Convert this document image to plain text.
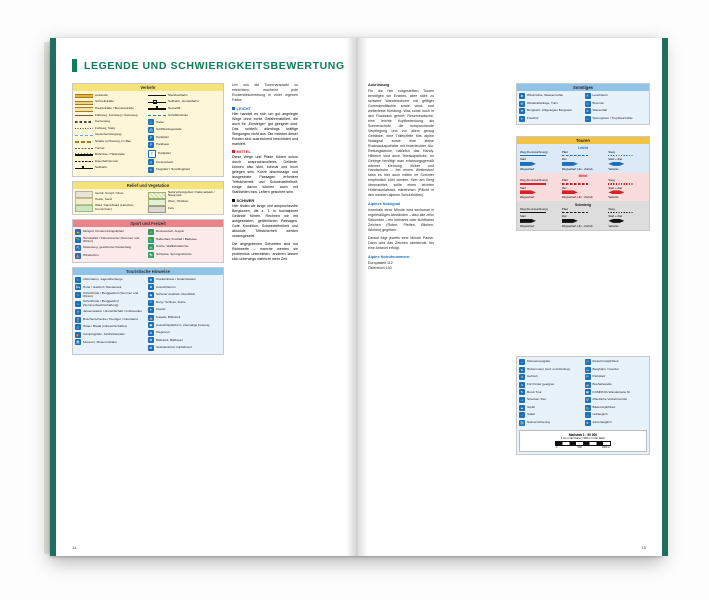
LEGENDE UND SCHWIERIGKEITSBEWERTUNG
Verkehr
Autobahn
Schnellstraße
Hauptstraße / Bundesstraße
Fahrweg, Forstweg / Güterweg
Karrenweg
Fußweg, Steig
Gletscherübergang
Straße in Planung, im Bau
Tunnel
Bahnlinie / Haltestelle
Eisenbahntunnel
Seilbahn
Standseilbahn
Seilbahn, Gondelbahn
Sessellift
Schilfahrtslinie
⚓ Hafen
⛴ Schiffsanlegestelle
P	Parkplatz
P	Parkhaus
P	Parkplatz
◎	Kreisverkehr
✈	Flugplatz / Sportflugplatz
Relief und Vegetation
Geröll, Sumpf / Moor
Heide, Sand
Wald, Kampfwald (Latschen, Krummholz)
Naturschutzgebiet / Nationalpark / Naturpark
Wein, Obstbau
Fels
Sport und Freizeit
⛳ Minigolf, Kindermininigolfplatz
🎾
Tennisplatz / Fitnesscenter (Sommer und Winter)
⛏ Kletterweg, gesicherter Klettersteig
⛵ Windsurfen
🚣 Bootsverleih, Angeln
🏊 Hallenbad, Freibad / Badesee
⛪ Kirche, Wallfahrtskirche
⛷ Schipiste, Sprungschanze
Touristische Hinweise
i	Information, Jugendherberge
🛏 Hotel / Gasthof / Restaurant
⌂
Schutzhütte / Berggasthof (Sommer und Winter)
⌂
Schutzhütte / Berggasthof (Sommerbewirtschaftung)
🍴 Jausenstation / Almwirtschaft / Imbissstube
🍷 Buschenschenke / Heuriger, Unterstand
△	Hütte / Biwak (unbewirtschaftet)
⛺ Campingplatz, Schihüttenplatz
🏛 Museum, Museumsbahn
✚	Krankenhaus / Notarztstation
♜	Aussichtsturm
◉	Schöner Ausblick, Rundblick
⛫	Burg / Schloss, Ruine
✝	Kloster
⛪ Kapelle, Bildstock
▣	Aussichtsplattform, ehemalige Festung
✜	Wegkreuz
❂	Bildstock, Bildbaum
✠	Grabdenkmal, Gipfelkreuz
Um uns die Tourenauswahl zu erleichtern, erscheint jede Routenbeschreibung in einer eigenen Farbe:
LEICHT
Hier handelt es sich um gut angelegte Wege ohne echte Gefahrenstellen, die auch für „Einsteiger“ gut geeignet sind. Das schließt allerdings kräftige Steigungen nicht aus. Die meisten dieser Routen sind ausreichend beschildert und markiert.
MITTEL
Diese Wege und Pfade führen schon durch anspruchsvolleres Gelände, können also steil, schmal und hoch gelegen sein. Kurze abschüssige und ausgesetzte Passagen erfordern Trittsicherheit und Schwindelfreiheit; einige davon können auch mit Stahlseilen bzw. Leitern gesichert sein.
SCHWER
Hier finden wir lange und anspruchsvolle Bergtouren, die z. T. in hochalpines Gelände führen. Rechnen wir mit ausgesetzten, gefährlichen Passagen. Gute Kondition, Schwindelfreiheit und absolute Trittsicherheit werden vorausgesetzt.
Die angegebenen Gehzeiten sind nur Richtwerte – manche werden sie problemlos unterbieten, anderen lassen sich unterwegs vielleicht mehr Zeit.
14
Ausrüstung
Für die hier vorgestellten Touren benötigen wir Erstens, aber nicht zu schwere Wanderschuhe mit griffiger Gummiprofilsohle sowie wind- und wetterfeste Kleidung. Was sonst noch in den Rucksack gehört: Reservewäsche, eine leichte Kopfbedeckung als Sonnenschutz, die entsprechende Verpflegung und vor allem genug Getränke, eine Trillerpfeife fürs alpine Notsignal sowie eine kleine Rucksackapotheke mit federleichter Alu-Rettungsdecke, natürlich das Handy. Hilfreich sind auch Teleskopstöcke. Im Gebirge benötigt man erfahrungsgemäß wärmer Kleidung, Mütze und Handschuhe – bei einem Wettersturz kann es hier auch mitten im Sommer empfindlich kühl werden. Wer am Berg übernachtet, sollte einen leichten Hüttenschlafsack mitnehmen (Pflicht in den meisten alpinen Schutzhütten).
Alpines Notsignal
Innerhalb einer Minute wird sechsmal in regelmäßigen Abständen – also alle zehn Sekunden – ein hörbares oder sichtbares Zeichen (Rufen, Pfeifen, Blinken, Winken) gegeben.
Darauf folgt jeweils eine Minute Pause. Dann wird das Zeichen wiederholt, bis eine Antwort erfolgt.
Alpine Notrufnummern:
Europaweit 112
Österreich 140
Sonstiges
✺	Windmühle, Wassermühle
Ψ	Windkraftanlage, Turm
⚒	Bergwerk, stillgelegtes Bergwerk
✝	Friedhof
≛	Leuchtturm
⌼	Brunnen
≋	Wasserfall
⌂	Sprengstein / Tropfsteinhöhle
Touren
Leicht
Weg (Kennzeichnung)	Pfad	Steig

Start	Ziel	Start + Ziel

Wegverlauf	Wegverlauf, Hin - Zurück	Variante
Mittel
Weg (Kennzeichnung)	Pfad	Steig

Start	Ziel	Start + Ziel

Wegverlauf	Wegverlauf, Hin - Zurück	Variante
Schwierig
Weg (Kennzeichnung)	Pfad	Steig

Start	Ziel	Start + Ziel

Wegverlauf	Wegverlauf, Hin - Zurück	Variante
↔	Kilometerangabe
⇅	Höhenmeter (Auf- und Abstieg)
⏱	Gehzeit
☺	Für Kinder geeignet
↻	Rund-Tour
⇢	Strecken-Tour
▲	Gipfel
⌣	Sattel
⛓ Seilversicherung
🍴 Einkehrmöglichkeit
🚠 Bergbahn / Gondel
P	Parkplatz
🚌 Bushaltestelle
▦	KOMPASS-Wanderkarte Nr.
🚏 öffentliche Verkehrsmittel
🏊 Bademöglichkeit
🚲 radtauglich
❄	wintertauglich
Maßstab 1 : 50 000
1 cm in der Karte = 500 m in der Natur
0	500	1000 m
15
